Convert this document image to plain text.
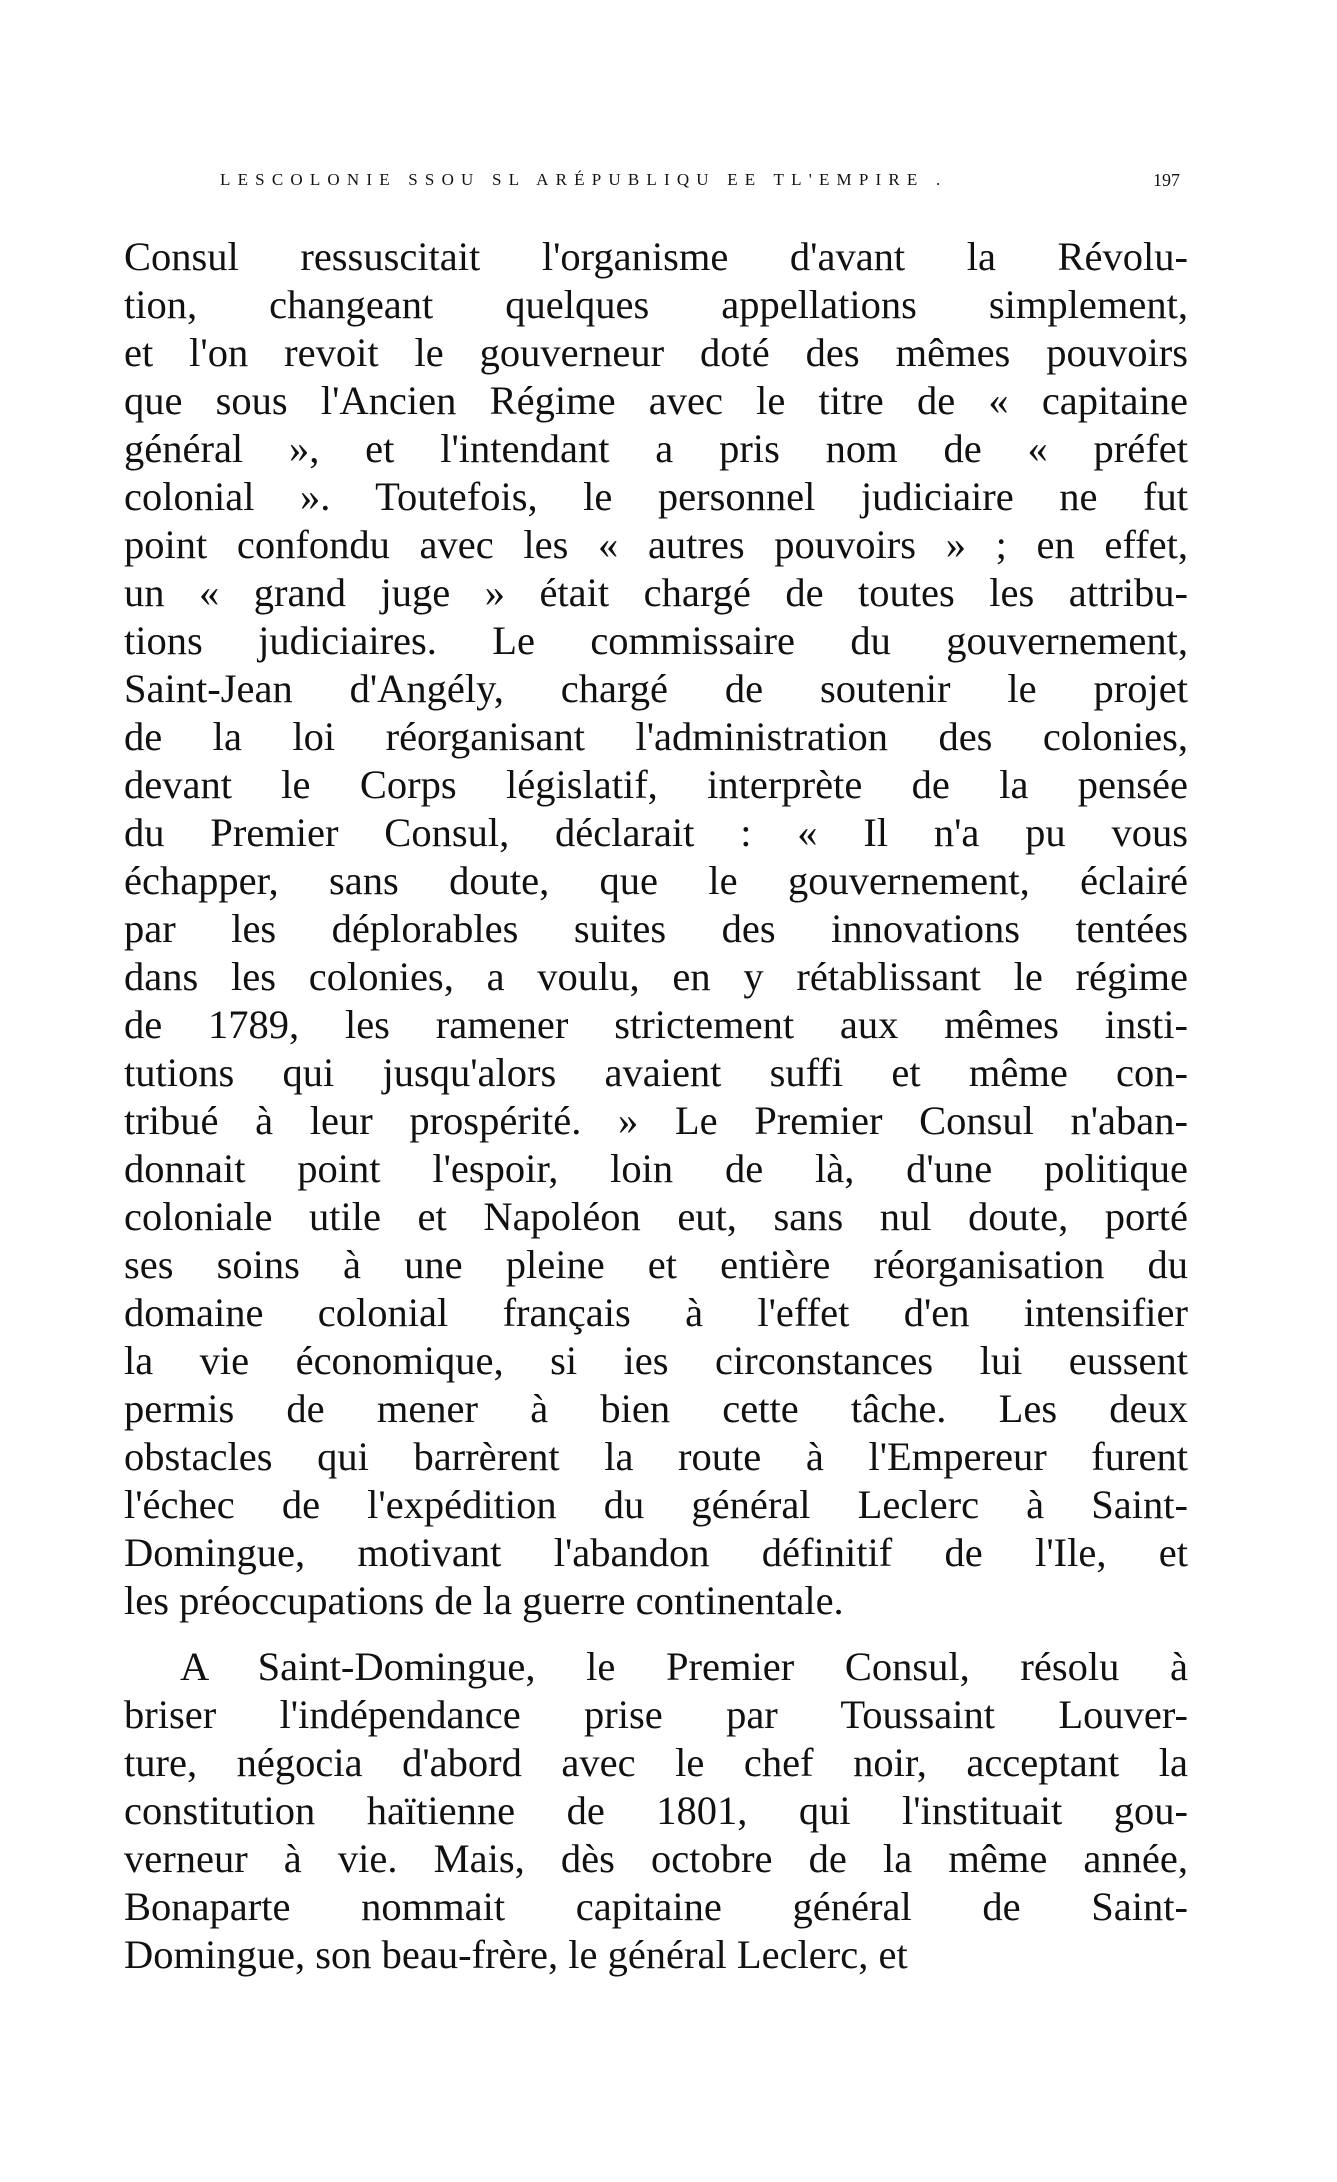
LESCOLONIE SSOU SL ARÉPUBLIQU EE TL'EMPIRE .	197
Consul ressuscitait l'organisme d'avant la Révolu-
tion, changeant quelques appellations simplement,
et l'on revoit le gouverneur doté des mêmes pouvoirs
que sous l'Ancien Régime avec le titre de « capitaine
général », et l'intendant a pris nom de « préfet
colonial ». Toutefois, le personnel judiciaire ne fut
point confondu avec les « autres pouvoirs » ; en effet,
un « grand juge » était chargé de toutes les attribu-
tions judiciaires. Le commissaire du gouvernement,
Saint-Jean d'Angély, chargé de soutenir le projet
de la loi réorganisant l'administration des colonies,
devant le Corps législatif, interprète de la pensée
du Premier Consul, déclarait : « Il n'a pu vous
échapper, sans doute, que le gouvernement, éclairé
par les déplorables suites des innovations tentées
dans les colonies, a voulu, en y rétablissant le régime
de 1789, les ramener strictement aux mêmes insti-
tutions qui jusqu'alors avaient suffi et même con-
tribué à leur prospérité. » Le Premier Consul n'aban-
donnait point l'espoir, loin de là, d'une politique
coloniale utile et Napoléon eut, sans nul doute, porté
ses soins à une pleine et entière réorganisation du
domaine colonial français à l'effet d'en intensifier
la vie économique, si ies circonstances lui eussent
permis de mener à bien cette tâche. Les deux
obstacles qui barrèrent la route à l'Empereur furent
l'échec de l'expédition du général Leclerc à Saint-
Domingue, motivant l'abandon définitif de l'Ile, et
les préoccupations de la guerre continentale.
A Saint-Domingue, le Premier Consul, résolu à
briser l'indépendance prise par Toussaint Louver-
ture, négocia d'abord avec le chef noir, acceptant la
constitution haïtienne de 1801, qui l'instituait gou-
verneur à vie. Mais, dès octobre de la même année,
Bonaparte nommait capitaine général de Saint-
Domingue, son beau-frère, le général Leclerc, et
